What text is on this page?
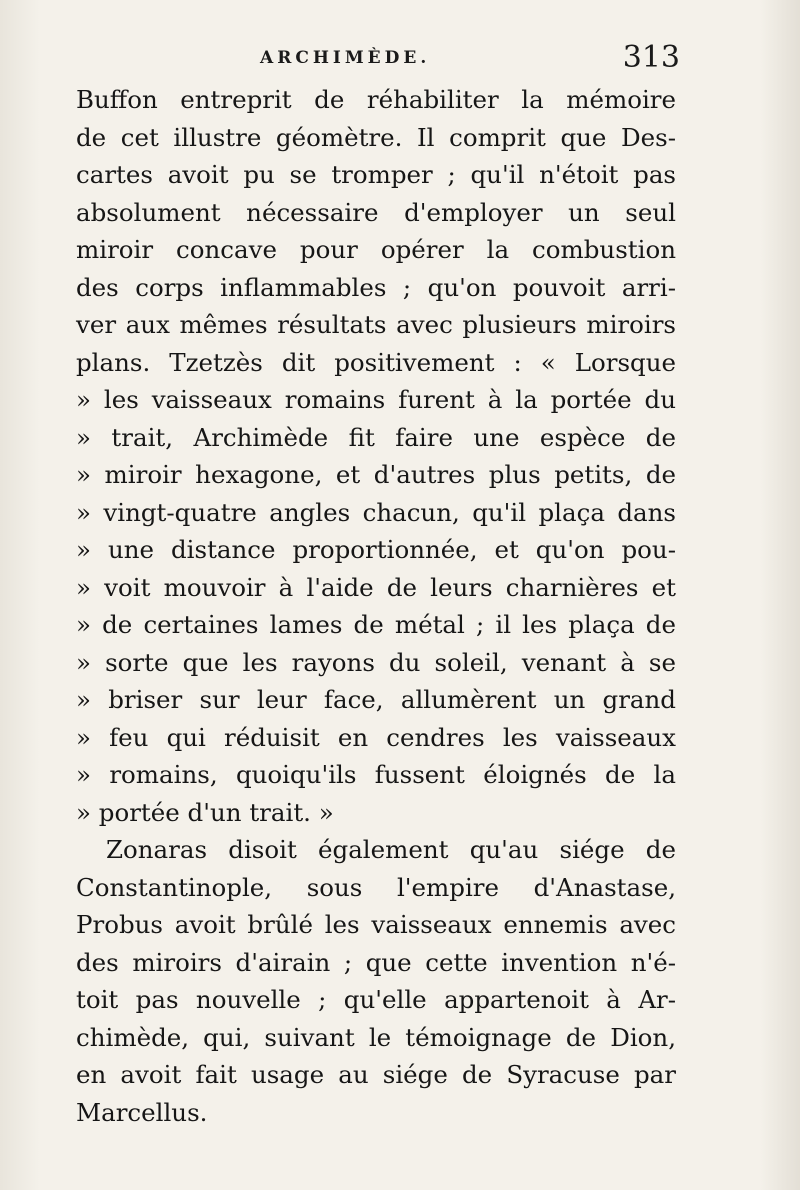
ARCHIMÈDE.	313
Buffon entreprit de réhabiliter la mémoire
de cet illustre géomètre. Il comprit que Des-
cartes avoit pu se tromper ; qu'il n'étoit pas
absolument nécessaire d'employer un seul
miroir concave pour opérer la combustion
des corps inflammables ; qu'on pouvoit arri-
ver aux mêmes résultats avec plusieurs miroirs
plans. Tzetzès dit positivement : « Lorsque
» les vaisseaux romains furent à la portée du
» trait, Archimède fit faire une espèce de
» miroir hexagone, et d'autres plus petits, de
» vingt-quatre angles chacun, qu'il plaça dans
» une distance proportionnée, et qu'on pou-
» voit mouvoir à l'aide de leurs charnières et
» de certaines lames de métal ; il les plaça de
» sorte que les rayons du soleil, venant à se
» briser sur leur face, allumèrent un grand
» feu qui réduisit en cendres les vaisseaux
» romains, quoiqu'ils fussent éloignés de la
» portée d'un trait. »
Zonaras disoit également qu'au siége de
Constantinople, sous l'empire d'Anastase,
Probus avoit brûlé les vaisseaux ennemis avec
des miroirs d'airain ; que cette invention n'é-
toit pas nouvelle ; qu'elle appartenoit à Ar-
chimède, qui, suivant le témoignage de Dion,
en avoit fait usage au siége de Syracuse par
Marcellus.
